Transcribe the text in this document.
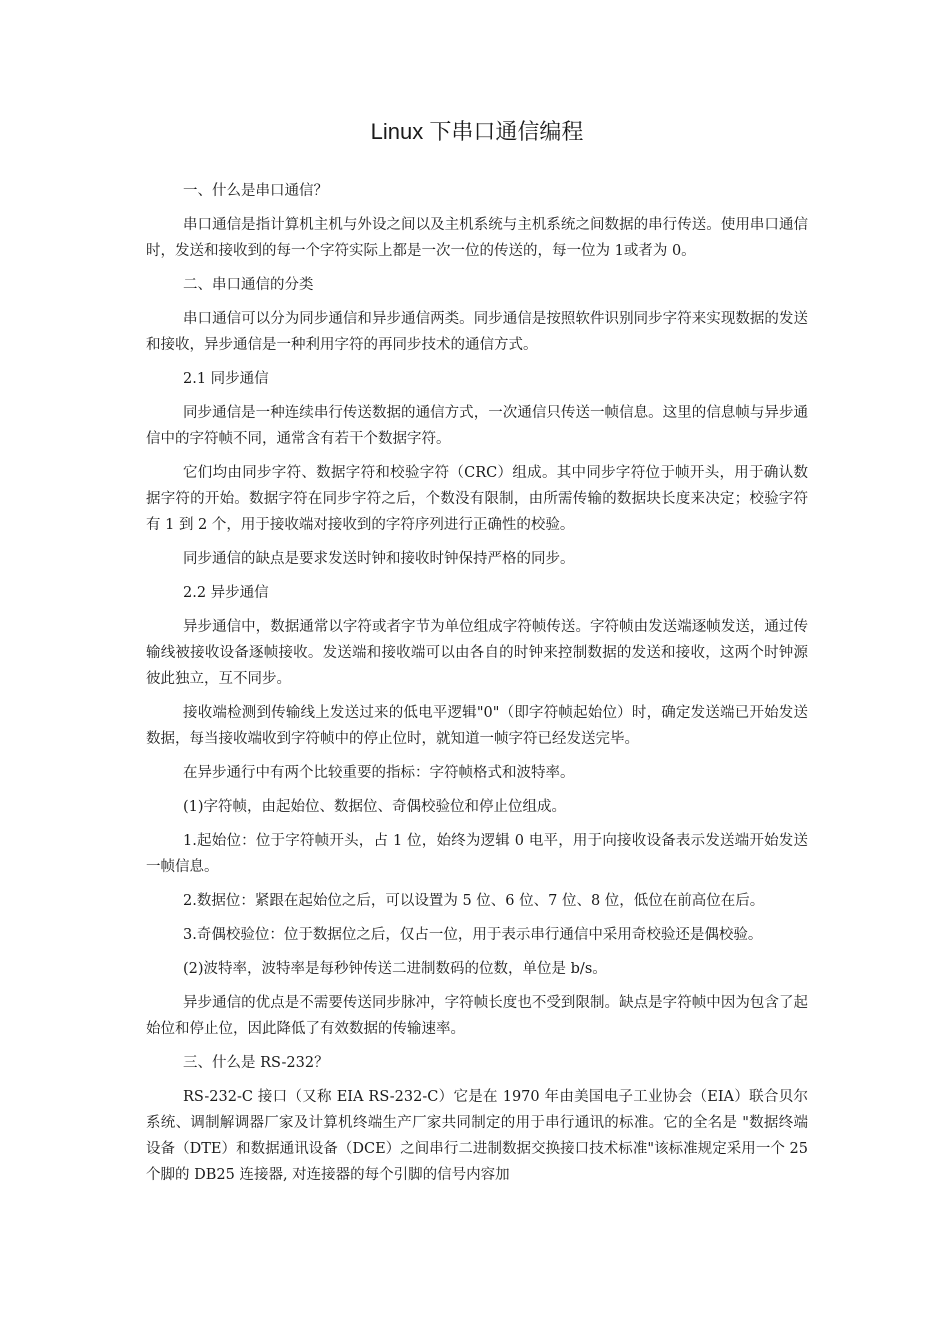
Linux 下串口通信编程

一、什么是串口通信？

串口通信是指计算机主机与外设之间以及主机系统与主机系统之间数据的串行传送。使用串口通信时，发送和接收到的每一个字符实际上都是一次一位的传送的，每一位为 1或者为 0。

二、串口通信的分类

串口通信可以分为同步通信和异步通信两类。同步通信是按照软件识别同步字符来实现数据的发送和接收，异步通信是一种利用字符的再同步技术的通信方式。

2.1 同步通信

同步通信是一种连续串行传送数据的通信方式，一次通信只传送一帧信息。这里的信息帧与异步通信中的字符帧不同，通常含有若干个数据字符。

它们均由同步字符、数据字符和校验字符（CRC）组成。其中同步字符位于帧开头，用于确认数据字符的开始。数据字符在同步字符之后，个数没有限制，由所需传输的数据块长度来决定；校验字符有 1 到 2 个，用于接收端对接收到的字符序列进行正确性的校验。

同步通信的缺点是要求发送时钟和接收时钟保持严格的同步。

2.2 异步通信

异步通信中，数据通常以字符或者字节为单位组成字符帧传送。字符帧由发送端逐帧发送，通过传输线被接收设备逐帧接收。发送端和接收端可以由各自的时钟来控制数据的发送和接收，这两个时钟源彼此独立，互不同步。

接收端检测到传输线上发送过来的低电平逻辑"0"（即字符帧起始位）时，确定发送端已开始发送数据，每当接收端收到字符帧中的停止位时，就知道一帧字符已经发送完毕。

在异步通行中有两个比较重要的指标：字符帧格式和波特率。

(1)字符帧，由起始位、数据位、奇偶校验位和停止位组成。

1.起始位：位于字符帧开头，占 1 位，始终为逻辑 0 电平，用于向接收设备表示发送端开始发送一帧信息。

2.数据位：紧跟在起始位之后，可以设置为 5 位、6 位、7 位、8 位，低位在前高位在后。

3.奇偶校验位：位于数据位之后，仅占一位，用于表示串行通信中采用奇校验还是偶校验。

(2)波特率，波特率是每秒钟传送二进制数码的位数，单位是 b/s。

异步通信的优点是不需要传送同步脉冲，字符帧长度也不受到限制。缺点是字符帧中因为包含了起始位和停止位，因此降低了有效数据的传输速率。

三、什么是 RS-232？

RS-232-C 接口（又称 EIA RS-232-C）它是在 1970 年由美国电子工业协会（EIA）联合贝尔系统、调制解调器厂家及计算机终端生产厂家共同制定的用于串行通讯的标准。它的全名是 "数据终端设备（DTE）和数据通讯设备（DCE）之间串行二进制数据交换接口技术标准"该标准规定采用一个 25 个脚的 DB25 连接器, 对连接器的每个引脚的信号内容加
